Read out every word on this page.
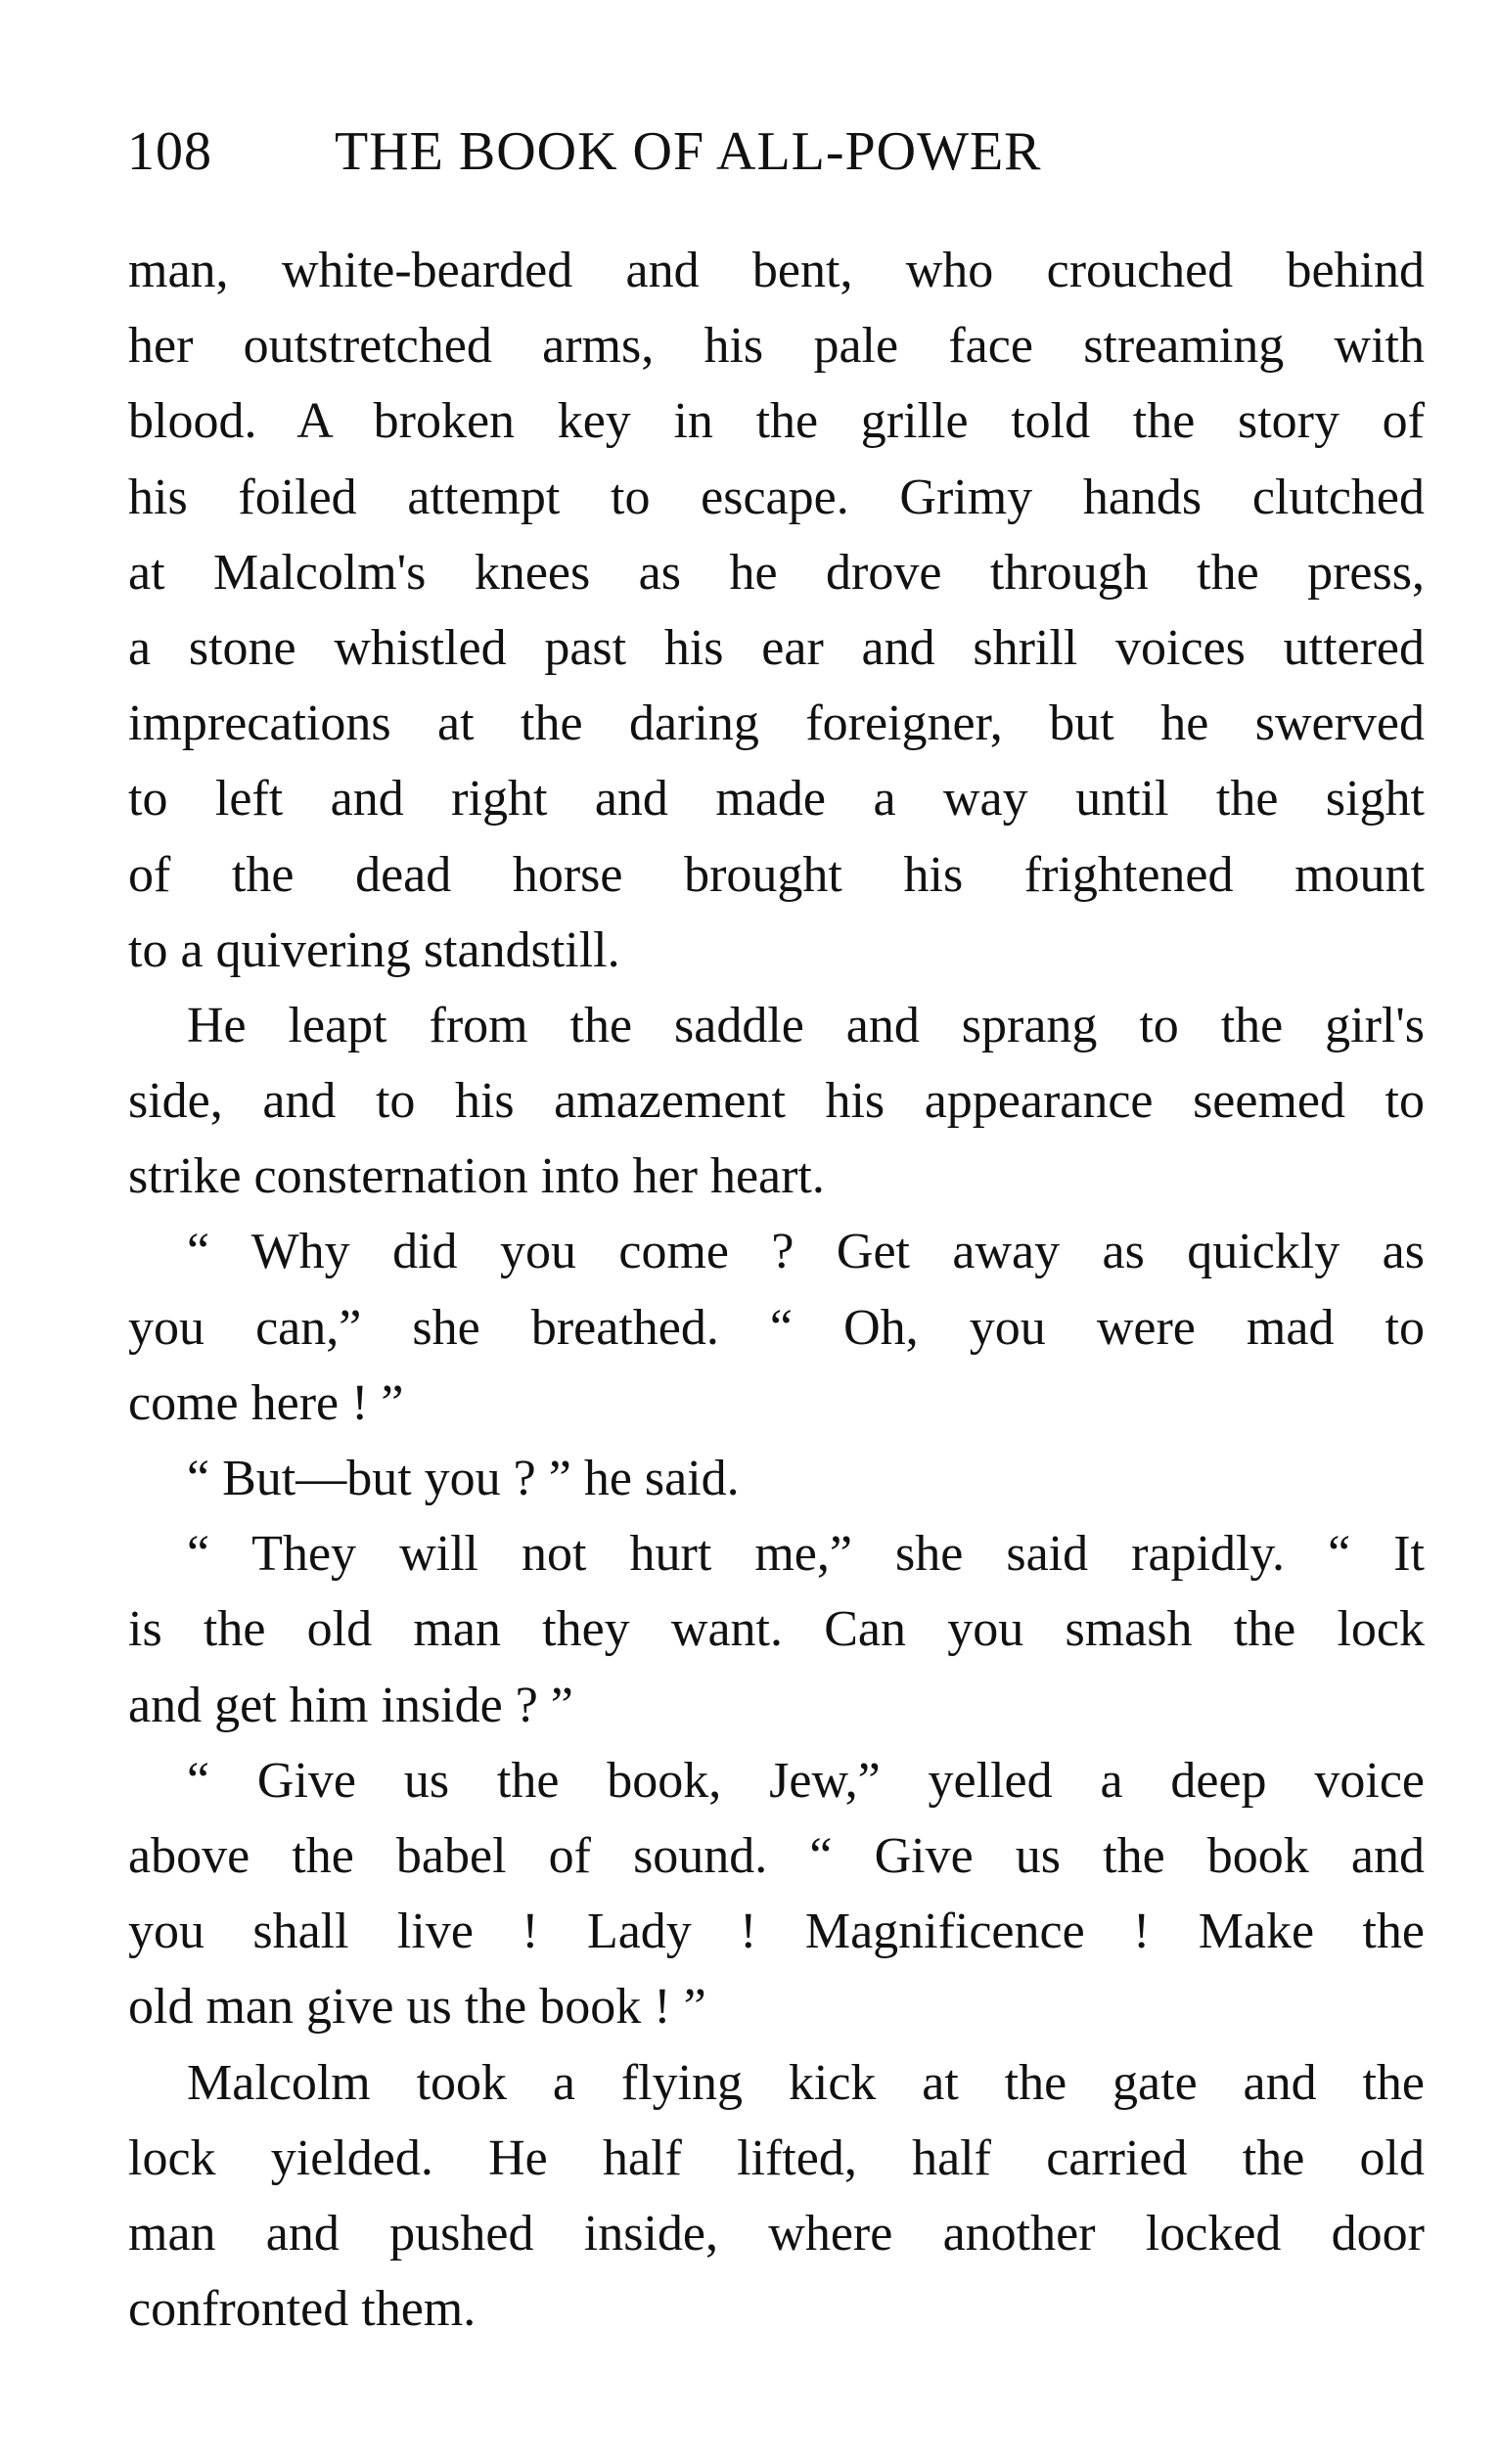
108 THE BOOK OF ALL-POWER
man, white-bearded and bent, who crouched behind
her outstretched arms, his pale face streaming with
blood. A broken key in the grille told the story of
his foiled attempt to escape. Grimy hands clutched
at Malcolm's knees as he drove through the press,
a stone whistled past his ear and shrill voices uttered
imprecations at the daring foreigner, but he swerved
to left and right and made a way until the sight
of the dead horse brought his frightened mount
to a quivering standstill.
He leapt from the saddle and sprang to the girl's
side, and to his amazement his appearance seemed to
strike consternation into her heart.
“ Why did you come ? Get away as quickly as
you can,” she breathed. “ Oh, you were mad to
come here ! ”
“ But—but you ? ” he said.
“ They will not hurt me,” she said rapidly. “ It
is the old man they want. Can you smash the lock
and get him inside ? ”
“ Give us the book, Jew,” yelled a deep voice
above the babel of sound. “ Give us the book and
you shall live ! Lady ! Magnificence ! Make the
old man give us the book ! ”
Malcolm took a flying kick at the gate and the
lock yielded. He half lifted, half carried the old
man and pushed inside, where another locked door
confronted them.
